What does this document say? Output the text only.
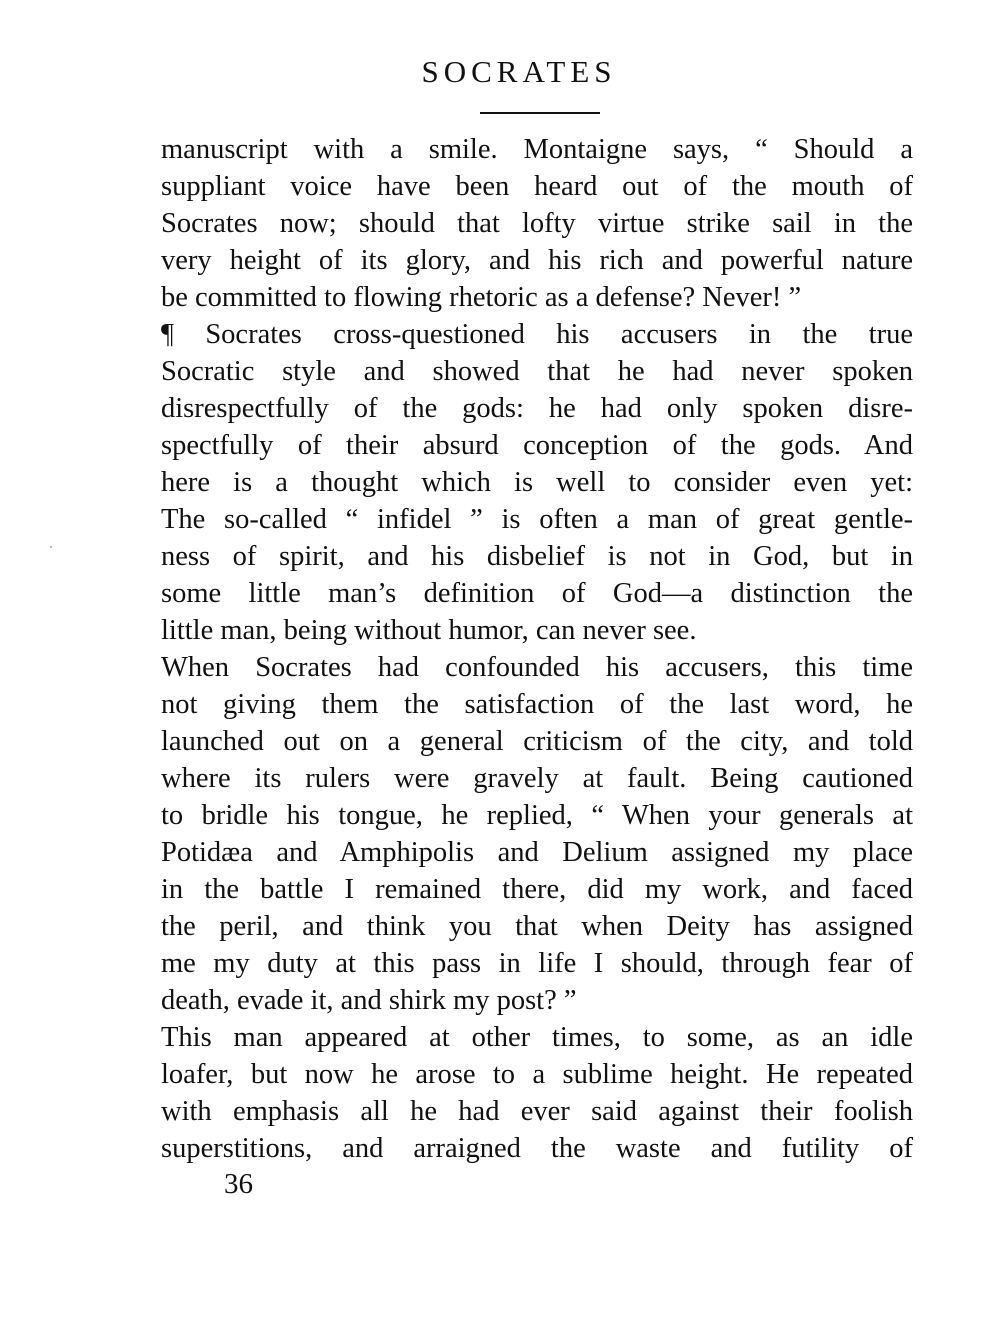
SOCRATES
manuscript with a smile. Montaigne says, “ Should a
suppliant voice have been heard out of the mouth of
Socrates now; should that lofty virtue strike sail in the
very height of its glory, and his rich and powerful nature
be committed to flowing rhetoric as a defense? Never! ”
¶ Socrates cross-questioned his accusers in the true
Socratic style and showed that he had never spoken
disrespectfully of the gods: he had only spoken disre-
spectfully of their absurd conception of the gods. And
here is a thought which is well to consider even yet:
The so-called “ infidel ” is often a man of great gentle-
ness of spirit, and his disbelief is not in God, but in
some little man’s definition of God—a distinction the
little man, being without humor, can never see.
When Socrates had confounded his accusers, this time
not giving them the satisfaction of the last word, he
launched out on a general criticism of the city, and told
where its rulers were gravely at fault. Being cautioned
to bridle his tongue, he replied, “ When your generals at
Potidæa and Amphipolis and Delium assigned my place
in the battle I remained there, did my work, and faced
the peril, and think you that when Deity has assigned
me my duty at this pass in life I should, through fear of
death, evade it, and shirk my post? ”
This man appeared at other times, to some, as an idle
loafer, but now he arose to a sublime height. He repeated
with emphasis all he had ever said against their foolish
superstitions, and arraigned the waste and futility of
36
